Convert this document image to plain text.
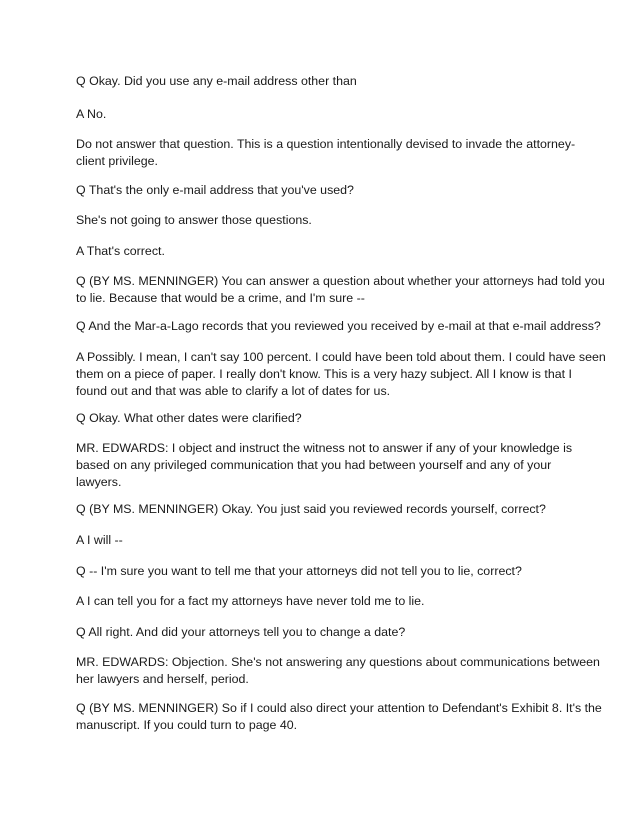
Q Okay. Did you use any e-mail address other than

A No.

Do not answer that question. This is a question intentionally devised to invade the attorney-
client privilege.

Q That's the only e-mail address that you've used?

She's not going to answer those questions.

A That's correct.

Q (BY MS. MENNINGER) You can answer a question about whether your attorneys had told you
to lie. Because that would be a crime, and I'm sure --

Q And the Mar-a-Lago records that you reviewed you received by e-mail at that e-mail address?

A Possibly. I mean, I can't say 100 percent. I could have been told about them. I could have seen
them on a piece of paper. I really don't know. This is a very hazy subject. All I know is that I
found out and that was able to clarify a lot of dates for us.

Q Okay. What other dates were clarified?

MR. EDWARDS: I object and instruct the witness not to answer if any of your knowledge is
based on any privileged communication that you had between yourself and any of your
lawyers.

Q (BY MS. MENNINGER) Okay. You just said you reviewed records yourself, correct?

A I will --

Q -- I'm sure you want to tell me that your attorneys did not tell you to lie, correct?

A I can tell you for a fact my attorneys have never told me to lie.

Q All right. And did your attorneys tell you to change a date?

MR. EDWARDS: Objection. She's not answering any questions about communications between
her lawyers and herself, period.

Q (BY MS. MENNINGER) So if I could also direct your attention to Defendant's Exhibit 8. It's the
manuscript. If you could turn to page 40.
